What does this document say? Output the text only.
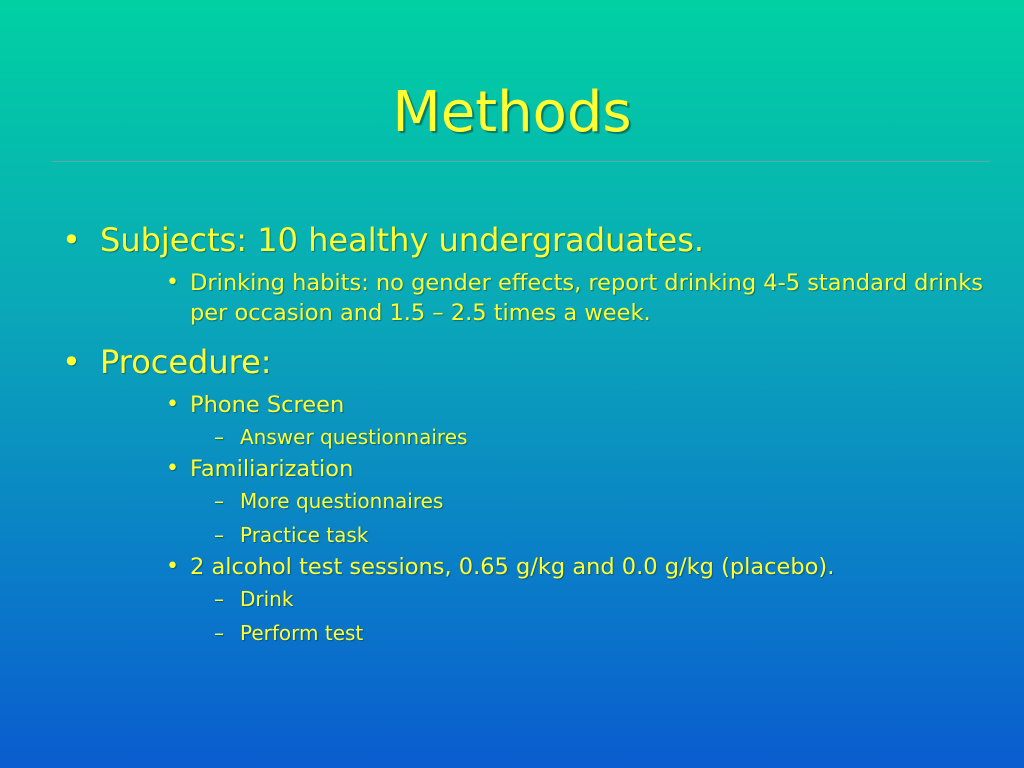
Methods
• Subjects: 10 healthy undergraduates.
• Drinking habits: no gender effects, report drinking 4-5 standard drinks per occasion and 1.5 – 2.5 times a week.
• Procedure:
• Phone Screen
– Answer questionnaires
• Familiarization
– More questionnaires
– Practice task
• 2 alcohol test sessions, 0.65 g/kg and 0.0 g/kg (placebo).
– Drink
– Perform test
